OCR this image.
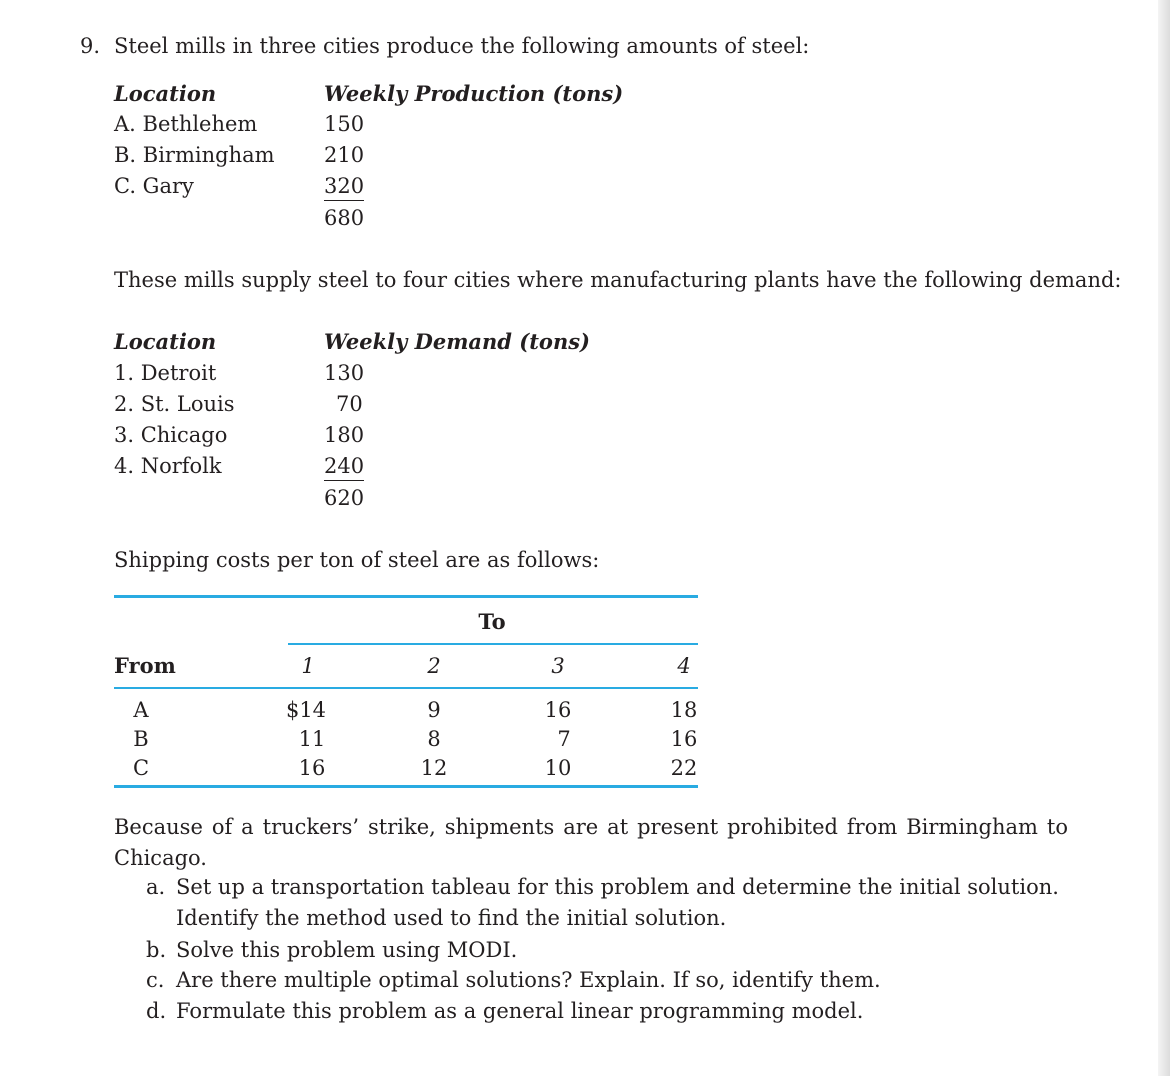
9. Steel mills in three cities produce the following amounts of steel:
Location	Weekly Production (tons)
A. Bethlehem	150
B. Birmingham 210
C. Gary	320
680
These mills supply steel to four cities where manufacturing plants have the following demand:
Location	Weekly Demand (tons)
1. Detroit	130
2. St. Louis	70
3. Chicago	180
4. Norfolk	240
620
Shipping costs per ton of steel are as follows:
To
From	1	2	3	4
A	$14	9	16	18
B	11	8	7	16
C	16	12	10	22
Because of a truckers’ strike, shipments are at present prohibited from Birmingham to Chicago.
a. Set up a transportation tableau for this problem and determine the initial solution. Identify the method used to find the initial solution.
b. Solve this problem using MODI.
c. Are there multiple optimal solutions? Explain. If so, identify them.
d. Formulate this problem as a general linear programming model.
